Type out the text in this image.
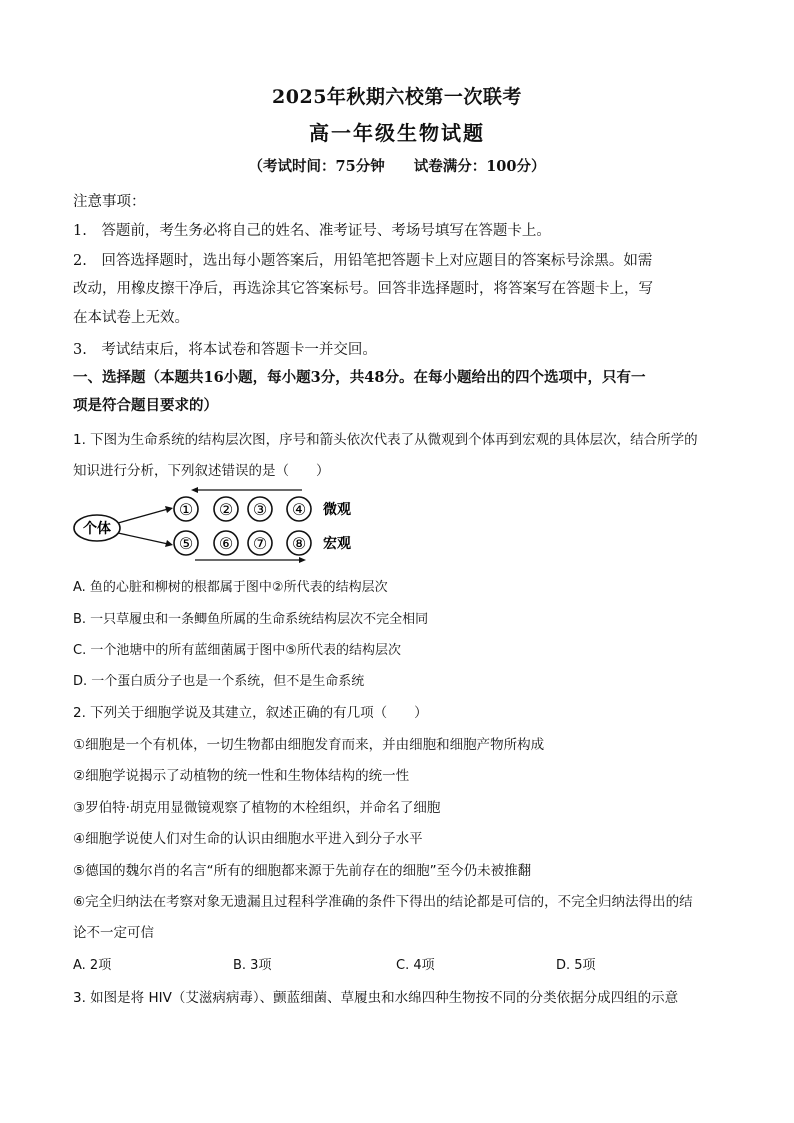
2025年秋期六校第一次联考
高一年级生物试题
（考试时间：75分钟　　试卷满分：100分）
注意事项：
1.　答题前，考生务必将自己的姓名、准考证号、考场号填写在答题卡上。
2.　回答选择题时，选出每小题答案后，用铅笔把答题卡上对应题目的答案标号涂黑。如需
改动，用橡皮擦干净后，再选涂其它答案标号。回答非选择题时，将答案写在答题卡上，写
在本试卷上无效。
3.　考试结束后，将本试卷和答题卡一并交回。
一、选择题（本题共16小题，每小题3分，共48分。在每小题给出的四个选项中，只有一
项是符合题目要求的）
1. 下图为生命系统的结构层次图，序号和箭头依次代表了从微观到个体再到宏观的具体层次，结合所学的
知识进行分析，下列叙述错误的是（　　）
个体
① ② ③ ④
⑤ ⑥ ⑦ ⑧
微观
宏观
A. 鱼的心脏和柳树的根都属于图中②所代表的结构层次
B. 一只草履虫和一条鲫鱼所属的生命系统结构层次不完全相同
C. 一个池塘中的所有蓝细菌属于图中⑤所代表的结构层次
D. 一个蛋白质分子也是一个系统，但不是生命系统
2. 下列关于细胞学说及其建立，叙述正确的有几项（　　）
①细胞是一个有机体，一切生物都由细胞发育而来，并由细胞和细胞产物所构成
②细胞学说揭示了动植物的统一性和生物体结构的统一性
③罗伯特·胡克用显微镜观察了植物的木栓组织，并命名了细胞
④细胞学说使人们对生命的认识由细胞水平进入到分子水平
⑤德国的魏尔肖的名言“所有的细胞都来源于先前存在的细胞”至今仍未被推翻
⑥完全归纳法在考察对象无遗漏且过程科学准确的条件下得出的结论都是可信的，不完全归纳法得出的结
论不一定可信
A. 2项	B. 3项	C. 4项	D. 5项
3. 如图是将 HIV（艾滋病病毒）、颤蓝细菌、草履虫和水绵四种生物按不同的分类依据分成四组的示意
